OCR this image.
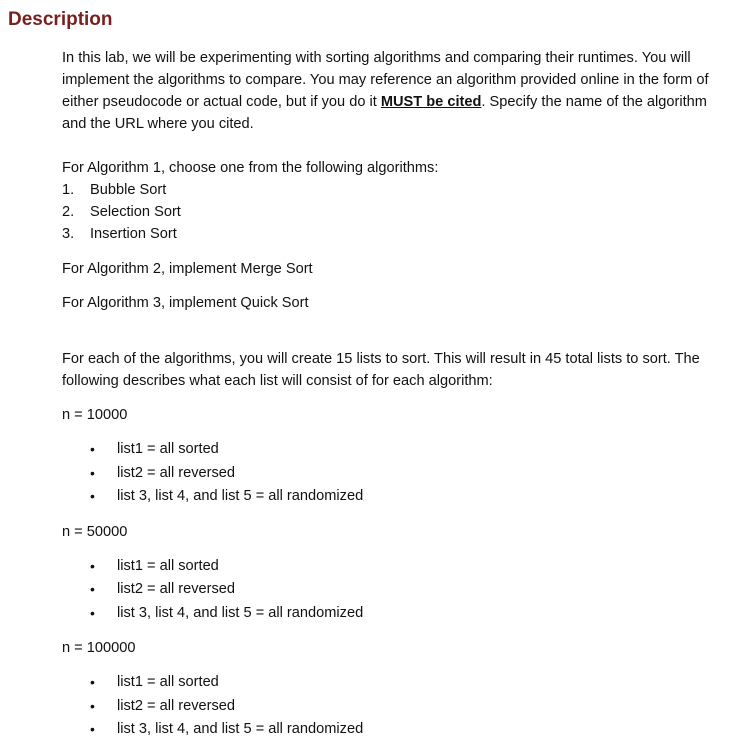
Description

In this lab, we will be experimenting with sorting algorithms and comparing their runtimes. You will implement the algorithms to compare. You may reference an algorithm provided online in the form of either pseudocode or actual code, but if you do it MUST be cited. Specify the name of the algorithm and the URL where you cited.

For Algorithm 1, choose one from the following algorithms:

1.	Bubble Sort
2.	Selection Sort
3.	Insertion Sort

For Algorithm 2, implement Merge Sort

For Algorithm 3, implement Quick Sort

For each of the algorithms, you will create 15 lists to sort. This will result in 45 total lists to sort. The following describes what each list will consist of for each algorithm:

n = 10000

•	list1 = all sorted
•	list2 = all reversed
•	list 3, list 4, and list 5 = all randomized

n = 50000

•	list1 = all sorted
•	list2 = all reversed
•	list 3, list 4, and list 5 = all randomized

n = 100000

•	list1 = all sorted
•	list2 = all reversed
•	list 3, list 4, and list 5 = all randomized
